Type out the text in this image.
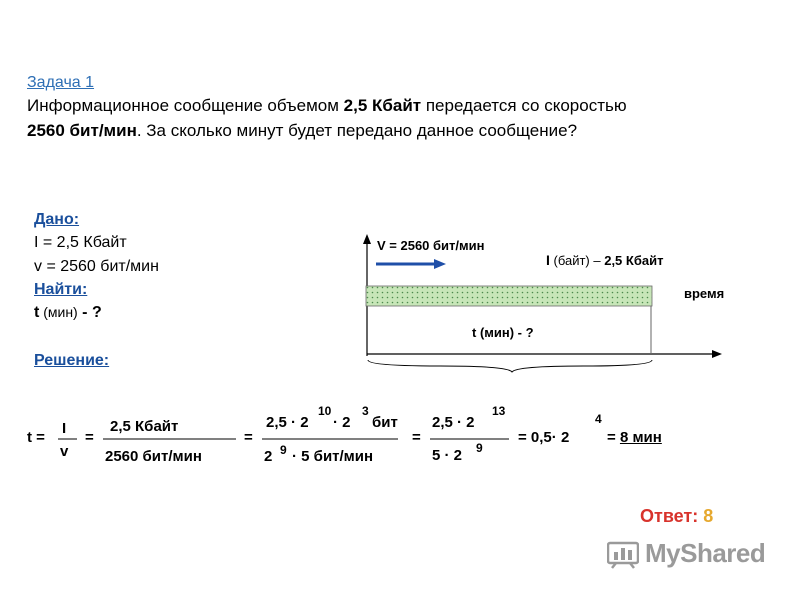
Задача 1
Информационное сообщение объемом 2,5 Кбайт передается со скоростью
2560 бит/мин. За сколько минут будет передано данное сообщение?
Дано:
I = 2,5 Кбайт
v = 2560 бит/мин
Найти:
t (мин) - ?
Решение:
V = 2560 бит/мин
I (байт) – 2,5 Кбайт
время
t (мин) - ?
t =
I
v
=
2,5 Кбайт
2560 бит/мин
=
2,5 · 2
10
· 2
3
бит
2 9 · 5 бит/мин
=
2,5 · 2
13
5 · 2 9
= 0,5· 2
4
= 8 мин
Ответ: 8
MyShared
